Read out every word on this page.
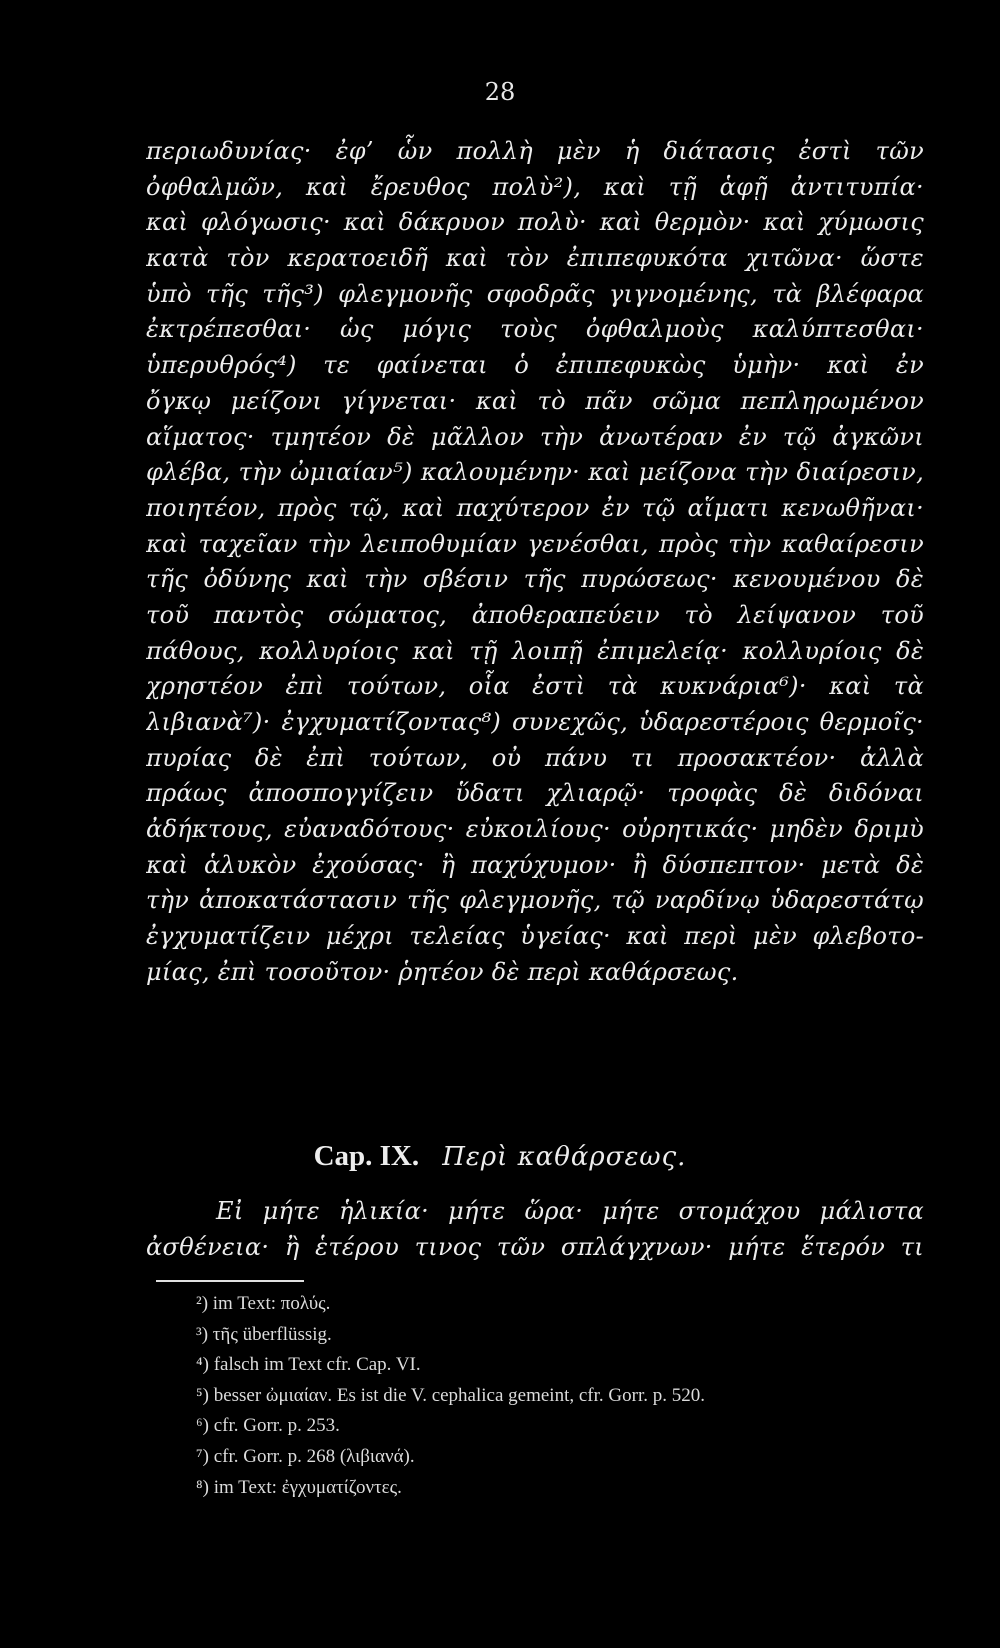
28
περιωδυνίας· ἐφ’ ὧν πολλὴ μὲν ἡ διάτασις ἐστὶ τῶν
ὀφθαλμῶν, καὶ ἔρευθος πολὺ²), καὶ τῇ ἁφῇ ἀντιτυπία·
καὶ φλόγωσις· καὶ δάκρυον πολὺ· καὶ θερμὸν· καὶ χύμωσις
κατὰ τὸν κερατοειδῆ καὶ τὸν ἐπιπεφυκότα χιτῶνα· ὥστε
ὑπὸ τῆς τῆς³) φλεγμονῆς σφοδρᾶς γιγνομένης, τὰ βλέφαρα
ἐκτρέπεσθαι· ὡς μόγις τοὺς ὀφθαλμοὺς καλύπτεσθαι·
ὑπερυθρός⁴) τε φαίνεται ὁ ἐπιπεφυκὼς ὑμὴν· καὶ ἐν
ὄγκῳ μείζονι γίγνεται· καὶ τὸ πᾶν σῶμα πεπληρωμένον
αἵματος· τμητέον δὲ μᾶλλον τὴν ἀνωτέραν ἐν τῷ ἀγκῶνι
φλέβα, τὴν ὠμιαίαν⁵) καλουμένην· καὶ μείζονα τὴν διαίρεσιν,
ποιητέον, πρὸς τῷ, καὶ παχύτερον ἐν τῷ αἵματι κενωθῆναι·
καὶ ταχεῖαν τὴν λειποθυμίαν γενέσθαι, πρὸς τὴν καθαίρεσιν
τῆς ὀδύνης καὶ τὴν σβέσιν τῆς πυρώσεως· κενουμένου δὲ
τοῦ παντὸς σώματος, ἀποθεραπεύειν τὸ λείψανον τοῦ
πάθους, κολλυρίοις καὶ τῇ λοιπῇ ἐπιμελείᾳ· κολλυρίοις δὲ
χρηστέον ἐπὶ τούτων, οἷα ἐστὶ τὰ κυκνάρια⁶)· καὶ τὰ
λιβιανὰ⁷)· ἐγχυματίζοντας⁸) συνεχῶς, ὑδαρεστέροις θερμοῖς·
πυρίας δὲ ἐπὶ τούτων, οὐ πάνυ τι προσακτέον· ἀλλὰ
πράως ἀποσπογγίζειν ὕδατι χλιαρῷ· τροφὰς δὲ διδόναι
ἀδήκτους, εὐαναδότους· εὐκοιλίους· οὐρητικάς· μηδὲν δριμὺ
καὶ ἁλυκὸν ἐχούσας· ἢ παχύχυμον· ἢ δύσπεπτον· μετὰ δὲ
τὴν ἀποκατάστασιν τῆς φλεγμονῆς, τῷ ναρδίνῳ ὑδαρεστάτῳ
ἐγχυματίζειν μέχρι τελείας ὑγείας· καὶ περὶ μὲν φλεβοτο-
μίας, ἐπὶ τοσοῦτον· ῥητέον δὲ περὶ καθάρσεως.
Cap. IX. Περὶ καθάρσεως.
Εἰ μήτε ἡλικία· μήτε ὥρα· μήτε στομάχου μάλιστα
ἀσθένεια· ἢ ἑτέρου τινος τῶν σπλάγχνων· μήτε ἕτερόν τι
²) im Text: πολύς.
³) τῆς überflüssig.
⁴) falsch im Text cfr. Cap. VI.
⁵) besser ὠμιαίαν. Es ist die V. cephalica gemeint, cfr. Gorr. p. 520.
⁶) cfr. Gorr. p. 253.
⁷) cfr. Gorr. p. 268 (λιβιανά).
⁸) im Text: ἐγχυματίζοντες.
